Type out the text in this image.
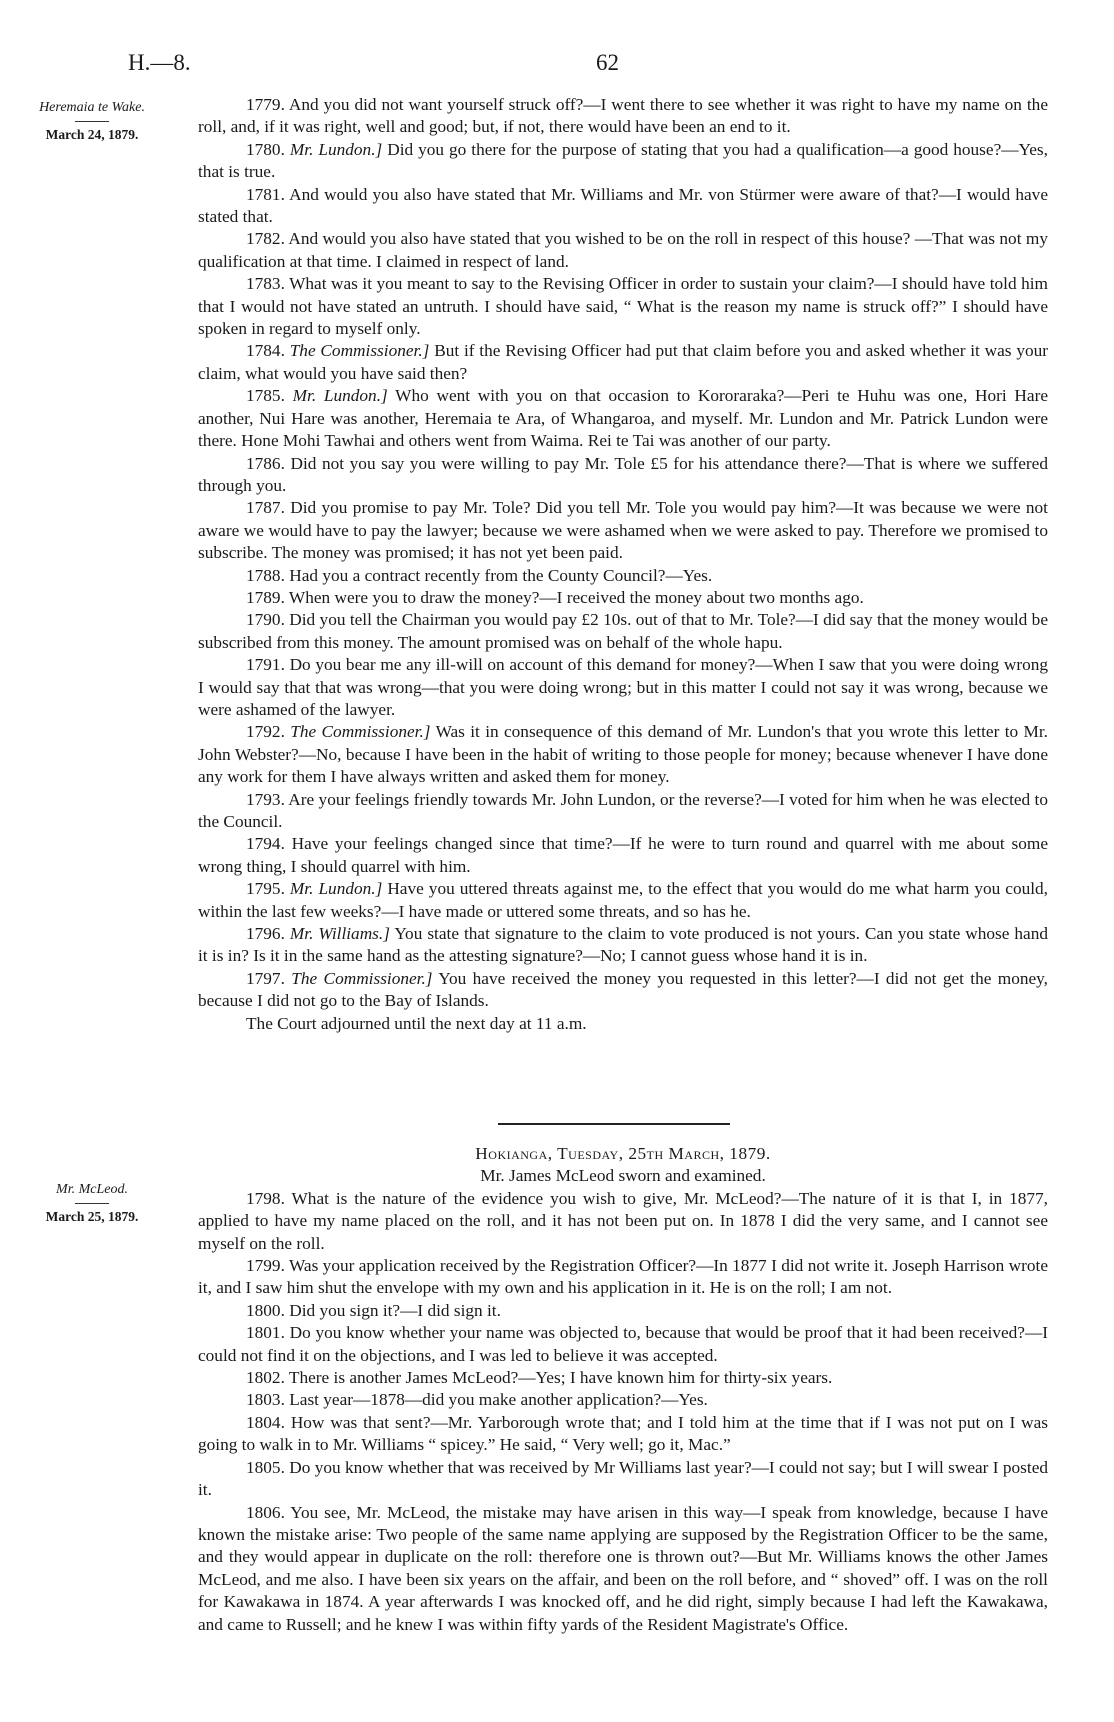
H.—8.	62
Heremaia te Wake.
March 24, 1879.
Mr. McLeod.
March 25, 1879.

1779. And you did not want yourself struck off?—I went there to see whether it was right to have my name on the roll, and, if it was right, well and good; but, if not, there would have been an end to it.

1780. Mr. Lundon.] Did you go there for the purpose of stating that you had a qualification—a good house?—Yes, that is true.

1781. And would you also have stated that Mr. Williams and Mr. von Stürmer were aware of that?—I would have stated that.

1782. And would you also have stated that you wished to be on the roll in respect of this house? —That was not my qualification at that time. I claimed in respect of land.

1783. What was it you meant to say to the Revising Officer in order to sustain your claim?—I should have told him that I would not have stated an untruth. I should have said, “ What is the reason my name is struck off?” I should have spoken in regard to myself only.

1784. The Commissioner.] But if the Revising Officer had put that claim before you and asked whether it was your claim, what would you have said then?

1785. Mr. Lundon.] Who went with you on that occasion to Kororaraka?—Peri te Huhu was one, Hori Hare another, Nui Hare was another, Heremaia te Ara, of Whangaroa, and myself. Mr. Lundon and Mr. Patrick Lundon were there. Hone Mohi Tawhai and others went from Waima. Rei te Tai was another of our party.

1786. Did not you say you were willing to pay Mr. Tole £5 for his attendance there?—That is where we suffered through you.

1787. Did you promise to pay Mr. Tole? Did you tell Mr. Tole you would pay him?—It was because we were not aware we would have to pay the lawyer; because we were ashamed when we were asked to pay. Therefore we promised to subscribe. The money was promised; it has not yet been paid.

1788. Had you a contract recently from the County Council?—Yes.

1789. When were you to draw the money?—I received the money about two months ago.

1790. Did you tell the Chairman you would pay £2 10s. out of that to Mr. Tole?—I did say that the money would be subscribed from this money. The amount promised was on behalf of the whole hapu.

1791. Do you bear me any ill-will on account of this demand for money?—When I saw that you were doing wrong I would say that that was wrong—that you were doing wrong; but in this matter I could not say it was wrong, because we were ashamed of the lawyer.

1792. The Commissioner.] Was it in consequence of this demand of Mr. Lundon's that you wrote this letter to Mr. John Webster?—No, because I have been in the habit of writing to those people for money; because whenever I have done any work for them I have always written and asked them for money.

1793. Are your feelings friendly towards Mr. John Lundon, or the reverse?—I voted for him when he was elected to the Council.

1794. Have your feelings changed since that time?—If he were to turn round and quarrel with me about some wrong thing, I should quarrel with him.

1795. Mr. Lundon.] Have you uttered threats against me, to the effect that you would do me what harm you could, within the last few weeks?—I have made or uttered some threats, and so has he.

1796. Mr. Williams.] You state that signature to the claim to vote produced is not yours. Can you state whose hand it is in? Is it in the same hand as the attesting signature?—No; I cannot guess whose hand it is in.

1797. The Commissioner.] You have received the money you requested in this letter?—I did not get the money, because I did not go to the Bay of Islands.

The Court adjourned until the next day at 11 a.m.

Hokianga, Tuesday, 25th March, 1879.

Mr. James McLeod sworn and examined.

1798. What is the nature of the evidence you wish to give, Mr. McLeod?—The nature of it is that I, in 1877, applied to have my name placed on the roll, and it has not been put on. In 1878 I did the very same, and I cannot see myself on the roll.

1799. Was your application received by the Registration Officer?—In 1877 I did not write it. Joseph Harrison wrote it, and I saw him shut the envelope with my own and his application in it. He is on the roll; I am not.

1800. Did you sign it?—I did sign it.

1801. Do you know whether your name was objected to, because that would be proof that it had been received?—I could not find it on the objections, and I was led to believe it was accepted.

1802. There is another James McLeod?—Yes; I have known him for thirty-six years.

1803. Last year—1878—did you make another application?—Yes.

1804. How was that sent?—Mr. Yarborough wrote that; and I told him at the time that if I was not put on I was going to walk in to Mr. Williams “ spicey.” He said, “ Very well; go it, Mac.”

1805. Do you know whether that was received by Mr Williams last year?—I could not say; but I will swear I posted it.

1806. You see, Mr. McLeod, the mistake may have arisen in this way—I speak from knowledge, because I have known the mistake arise: Two people of the same name applying are supposed by the Registration Officer to be the same, and they would appear in duplicate on the roll: therefore one is thrown out?—But Mr. Williams knows the other James McLeod, and me also. I have been six years on the affair, and been on the roll before, and “ shoved” off. I was on the roll for Kawakawa in 1874. A year afterwards I was knocked off, and he did right, simply because I had left the Kawakawa, and came to Russell; and he knew I was within fifty yards of the Resident Magistrate's Office.
